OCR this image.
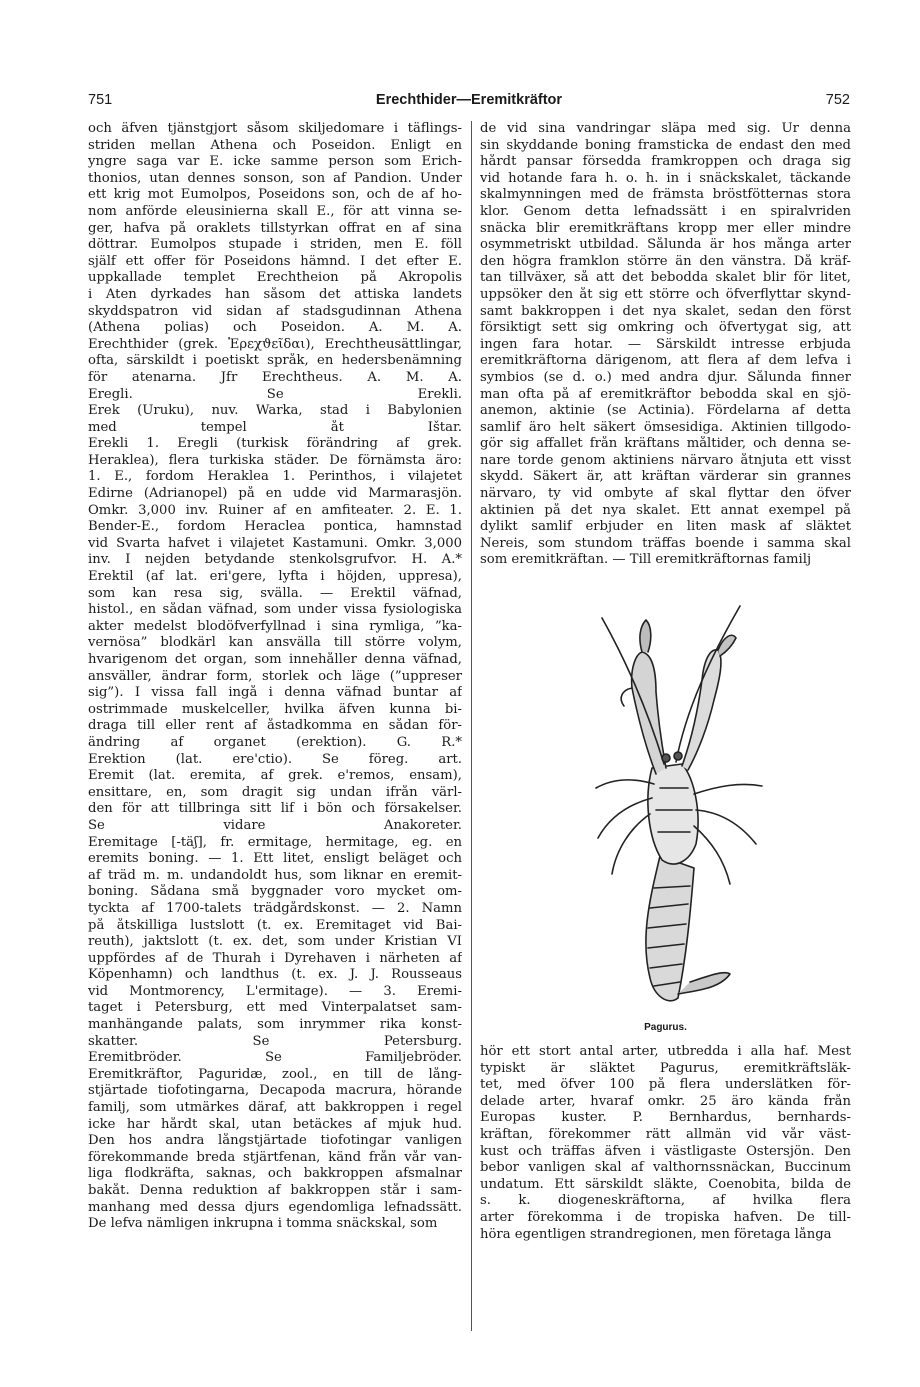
751	Erechthider—Eremitkräftor	752
och äfven tjänstgjort såsom skiljedomare i täflings-
striden mellan Athena och Poseidon. Enligt en
yngre saga var E. icke samme person som Erich-
thonios, utan dennes sonson, son af Pandion. Under
ett krig mot Eumolpos, Poseidons son, och de af ho-
nom anförde eleusinierna skall E., för att vinna se-
ger, hafva på oraklets tillstyrkan offrat en af sina
döttrar. Eumolpos stupade i striden, men E. föll
själf ett offer för Poseidons hämnd. I det efter E.
uppkallade templet Erechtheion på Akropolis
i Aten dyrkades han såsom det attiska landets
skyddspatron vid sidan af stadsgudinnan Athena
(Athena polias) och Poseidon. A. M. A.
Erechthider (grek. Ἐρεχϑεῖδαι), Erechtheusättlingar,
ofta, särskildt i poetiskt språk, en hedersbenämning
för atenarna. Jfr Erechtheus. A. M. A.
Eregli. Se Erekli.
Erek (Uruku), nuv. Warka, stad i Babylonien
med tempel åt Ištar.
Erekli 1. Eregli (turkisk förändring af grek.
Heraklea), flera turkiska städer. De förnämsta äro:
1. E., fordom Heraklea 1. Perinthos, i vilajetet
Edirne (Adrianopel) på en udde vid Marmarasjön.
Omkr. 3,000 inv. Ruiner af en amfiteater. 2. E. 1.
Bender-E., fordom Heraclea pontica, hamnstad
vid Svarta hafvet i vilajetet Kastamuni. Omkr. 3,000
inv. I nejden betydande stenkolsgrufvor. H. A.*
Erektil (af lat. eri'gere, lyfta i höjden, uppresa),
som kan resa sig, svälla. — Erektil väfnad,
histol., en sådan väfnad, som under vissa fysiologiska
akter medelst blodöfverfyllnad i sina rymliga, ”ka-
vernösa” blodkärl kan ansvälla till större volym,
hvarigenom det organ, som innehåller denna väfnad,
ansväller, ändrar form, storlek och läge (”uppreser
sig”). I vissa fall ingå i denna väfnad buntar af
ostrimmade muskelceller, hvilka äfven kunna bi-
draga till eller rent af åstadkomma en sådan för-
ändring af organet (erektion). G. R.*
Erektion (lat. ere'ctio). Se föreg. art.
Eremit (lat. eremita, af grek. e'remos, ensam),
ensittare, en, som dragit sig undan ifrån värl-
den för att tillbringa sitt lif i bön och försakelser.
Se vidare Anakoreter.
Eremitage [-täʃ], fr. ermitage, hermitage, eg. en
eremits boning. — 1. Ett litet, ensligt beläget och
af träd m. m. undandoldt hus, som liknar en eremit-
boning. Sådana små byggnader voro mycket om-
tyckta af 1700-talets trädgårdskonst. — 2. Namn
på åtskilliga lustslott (t. ex. Eremitaget vid Bai-
reuth), jaktslott (t. ex. det, som under Kristian VI
uppfördes af de Thurah i Dyrehaven i närheten af
Köpenhamn) och landthus (t. ex. J. J. Rousseaus
vid Montmorency, L'ermitage). — 3. Eremi-
taget i Petersburg, ett med Vinterpalatset sam-
manhängande palats, som inrymmer rika konst-
skatter. Se Petersburg.
Eremitbröder. Se Familjebröder.
Eremitkräftor, Paguridæ, zool., en till de lång-
stjärtade tiofotingarna, Decapoda macrura, hörande
familj, som utmärkes däraf, att bakkroppen i regel
icke har hårdt skal, utan betäckes af mjuk hud.
Den hos andra långstjärtade tiofotingar vanligen
förekommande breda stjärtfenan, känd från vår van-
liga flodkräfta, saknas, och bakkroppen afsmalnar
bakåt. Denna reduktion af bakkroppen står i sam-
manhang med dessa djurs egendomliga lefnadssätt.
De lefva nämligen inkrupna i tomma snäckskal, som
de vid sina vandringar släpa med sig. Ur denna
sin skyddande boning framsticka de endast den med
hårdt pansar försedda framkroppen och draga sig
vid hotande fara h. o. h. in i snäckskalet, täckande
skalmynningen med de främsta bröstfötternas stora
klor. Genom detta lefnadssätt i en spiralvriden
snäcka blir eremitkräftans kropp mer eller mindre
osymmetriskt utbildad. Sålunda är hos många arter
den högra framklon större än den vänstra. Då kräf-
tan tillväxer, så att det bebodda skalet blir för litet,
uppsöker den åt sig ett större och öfverflyttar skynd-
samt bakkroppen i det nya skalet, sedan den först
försiktigt sett sig omkring och öfvertygat sig, att
ingen fara hotar. — Särskildt intresse erbjuda
eremitkräftorna därigenom, att flera af dem lefva i
symbios (se d. o.) med andra djur. Sålunda finner
man ofta på af eremitkräftor bebodda skal en sjö-
anemon, aktinie (se Actinia). Fördelarna af detta
samlif äro helt säkert ömsesidiga. Aktinien tillgodo-
gör sig affallet från kräftans måltider, och denna se-
nare torde genom aktiniens närvaro åtnjuta ett visst
skydd. Säkert är, att kräftan värderar sin grannes
närvaro, ty vid ombyte af skal flyttar den öfver
aktinien på det nya skalet. Ett annat exempel på
dylikt samlif erbjuder en liten mask af släktet
Nereis, som stundom träffas boende i samma skal
som eremitkräftan. — Till eremitkräftornas familj
Pagurus.
hör ett stort antal arter, utbredda i alla haf. Mest
typiskt är släktet Pagurus, eremitkräftsläk-
tet, med öfver 100 på flera underslätken för-
delade arter, hvaraf omkr. 25 äro kända från
Europas kuster. P. Bernhardus, bernhards-
kräftan, förekommer rätt allmän vid vår väst-
kust och träffas äfven i västligaste Östersjön. Den
bebor vanligen skal af valthornssnäckan, Buccinum
undatum. Ett särskildt släkte, Coenobita, bilda de
s. k. diogeneskräftorna, af hvilka flera
arter förekomma i de tropiska hafven. De till-
höra egentligen strandregionen, men företaga långa
